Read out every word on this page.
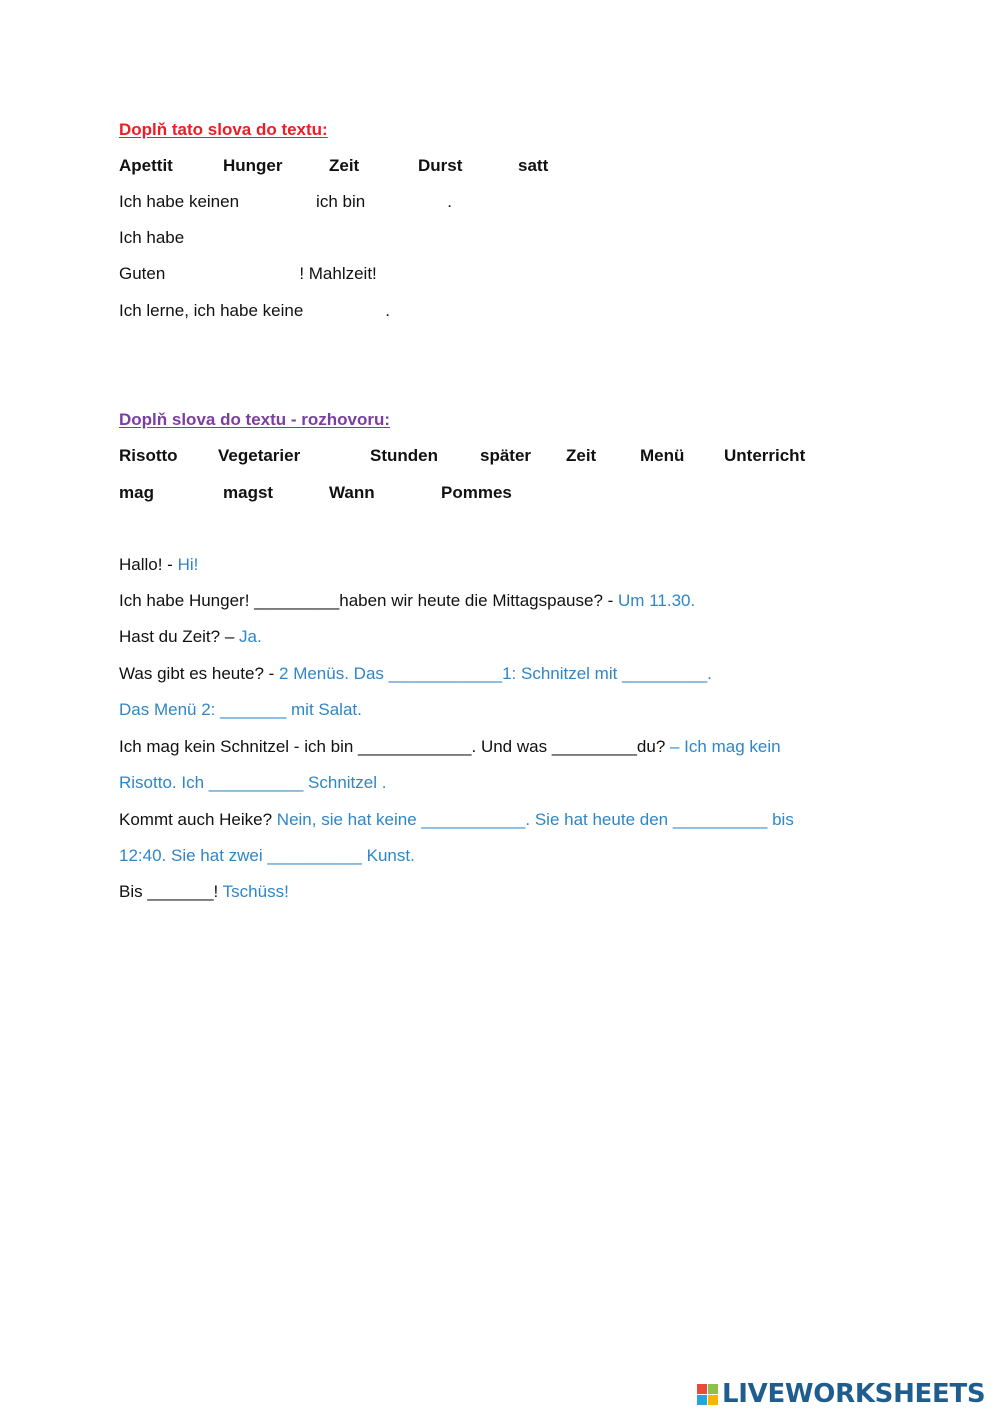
Doplň tato slova do textu:
Apettit	Hunger	Zeit	Durst	satt
Ich habe keinen	ich bin	.
Ich habe
Guten	! Mahlzeit!
Ich lerne, ich habe keine	.
Doplň slova do textu - rozhovoru:
Risotto Vegetarier	Stunden später Zeit	Menü Unterricht
mag	magst	Wann	Pommes
Hallo! - Hi!
Ich habe Hunger! _________haben wir heute die Mittagspause? - Um 11.30.
Hast du Zeit? – Ja.
Was gibt es heute? - 2 Menüs. Das ____________1: Schnitzel mit _________.
Das Menü 2: _______ mit Salat.
Ich mag kein Schnitzel - ich bin ____________. Und was _________du? – Ich mag kein
Risotto. Ich __________ Schnitzel .
Kommt auch Heike? Nein, sie hat keine ___________. Sie hat heute den __________ bis
12:40. Sie hat zwei __________ Kunst.
Bis _______! Tschüss!
LIVEWORKSHEETS
